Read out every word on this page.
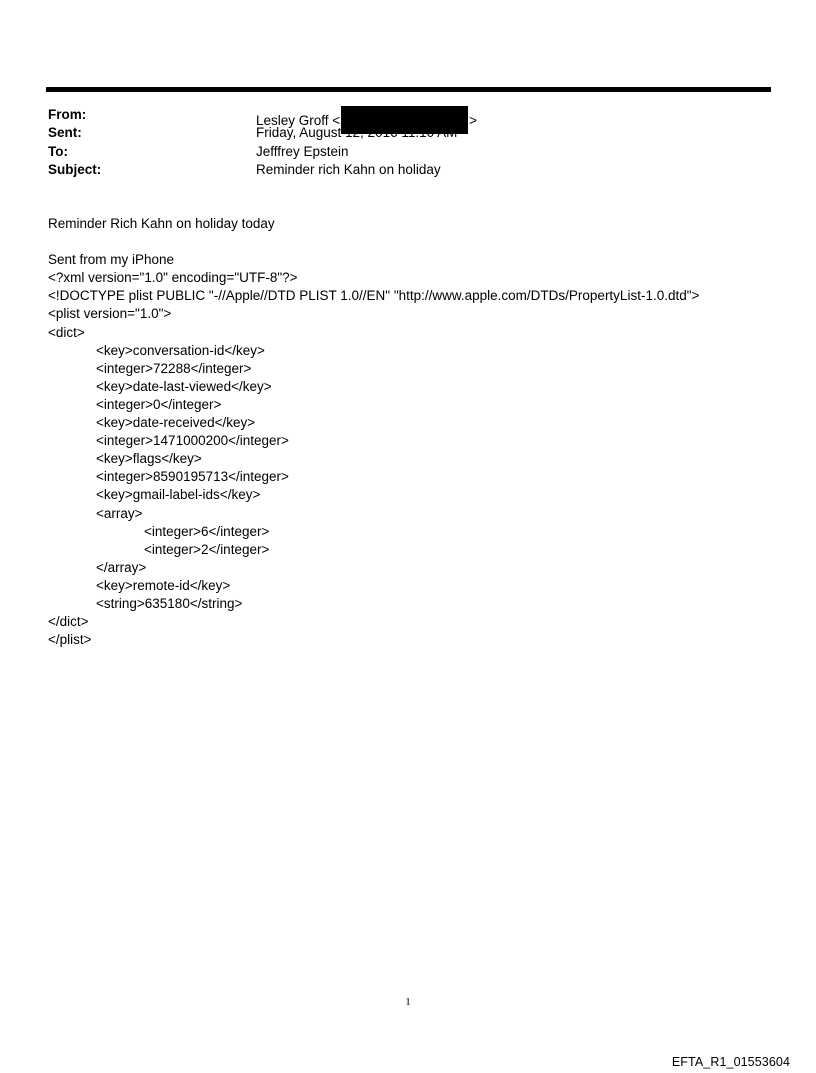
From:	Lesley Groff <	>
Sent:	Friday, August 12, 2016 11:10 AM
To:	Jefffrey Epstein
Subject:	Reminder rich Kahn on holiday
Reminder Rich Kahn on holiday today
Sent from my iPhone
<?xml version="1.0" encoding="UTF-8"?>
<!DOCTYPE plist PUBLIC "-//Apple//DTD PLIST 1.0//EN" "http://www.apple.com/DTDs/PropertyList-1.0.dtd">
<plist version="1.0">
<dict>
<key>conversation-id</key>
<integer>72288</integer>
<key>date-last-viewed</key>
<integer>0</integer>
<key>date-received</key>
<integer>1471000200</integer>
<key>flags</key>
<integer>8590195713</integer>
<key>gmail-label-ids</key>
<array>
<integer>6</integer>
<integer>2</integer>
</array>
<key>remote-id</key>
<string>635180</string>
</dict>
</plist>
1
EFTA_R1_01553604
